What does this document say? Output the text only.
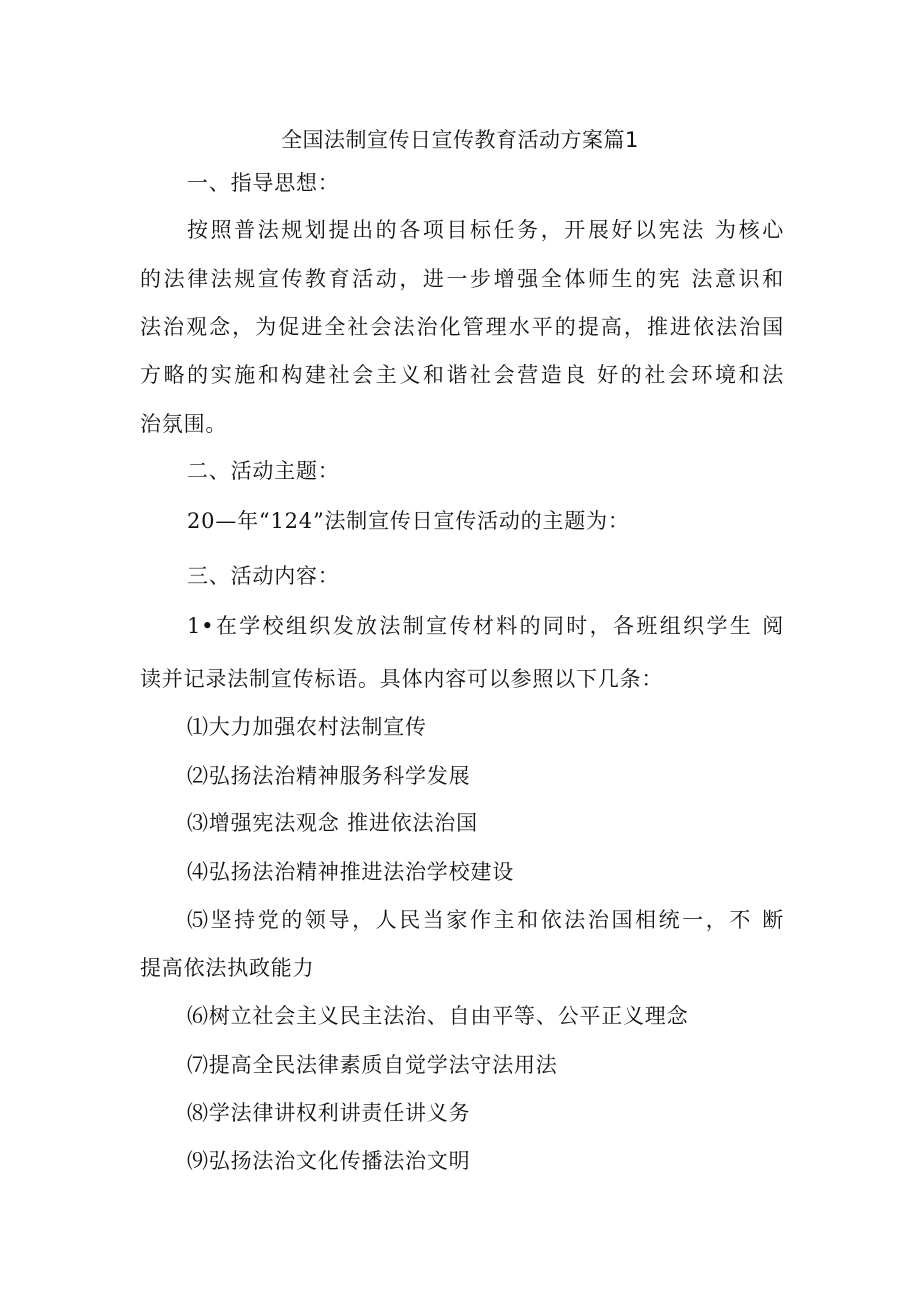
全国法制宣传日宣传教育活动方案篇1

一、指导思想：

按照普法规划提出的各项目标任务，开展好以宪法 为核心

的法律法规宣传教育活动，进一步增强全体师生的宪 法意识和

法治观念，为促进全社会法治化管理水平的提高，推进依法治国

方略的实施和构建社会主义和谐社会营造良 好的社会环境和法

治氛围。

二、活动主题：

20—年“124”法制宣传日宣传活动的主题为：

三、活动内容：

1•在学校组织发放法制宣传材料的同时，各班组织学生 阅

读并记录法制宣传标语。具体内容可以参照以下几条：

⑴大力加强农村法制宣传

⑵弘扬法治精神服务科学发展

⑶增强宪法观念 推进依法治国

⑷弘扬法治精神推进法治学校建设

⑸坚持党的领导，人民当家作主和依法治国相统一，不 断

提高依法执政能力

⑹树立社会主义民主法治、自由平等、公平正义理念

⑺提高全民法律素质自觉学法守法用法

⑻学法律讲权利讲责任讲义务

⑼弘扬法治文化传播法治文明
